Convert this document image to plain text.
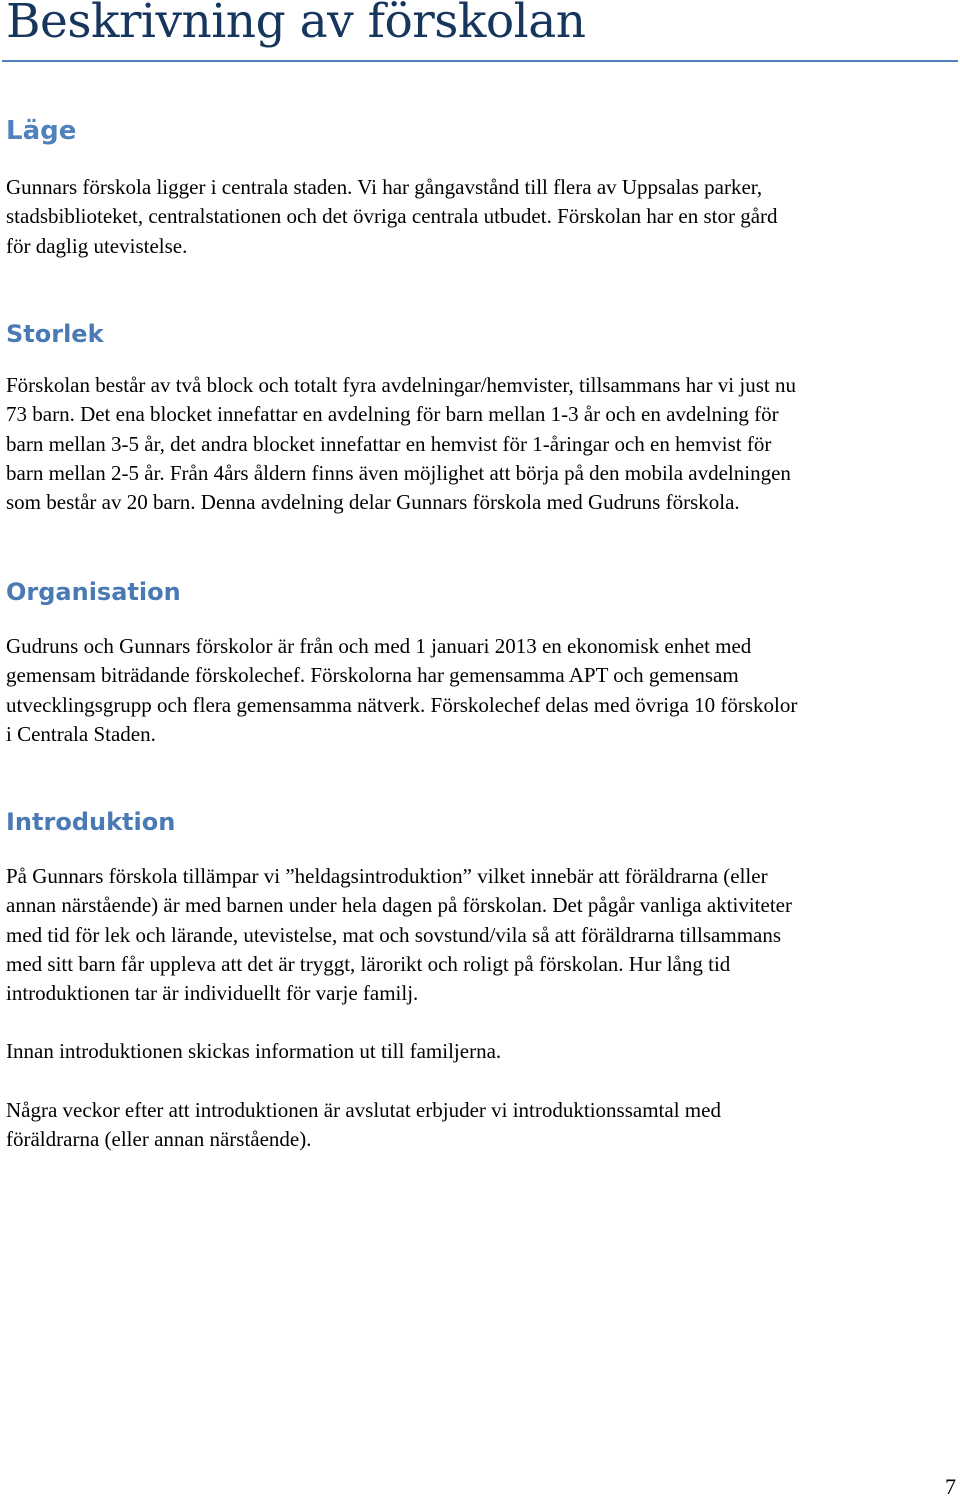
Beskrivning av förskolan
Läge

Gunnars förskola ligger i centrala staden. Vi har gångavstånd till flera av Uppsalas parker,
stadsbiblioteket, centralstationen och det övriga centrala utbudet. Förskolan har en stor gård
för daglig utevistelse.

Storlek

Förskolan består av två block och totalt fyra avdelningar/hemvister, tillsammans har vi just nu
73 barn. Det ena blocket innefattar en avdelning för barn mellan 1-3 år och en avdelning för
barn mellan 3-5 år, det andra blocket innefattar en hemvist för 1-åringar och en hemvist för
barn mellan 2-5 år. Från 4års åldern finns även möjlighet att börja på den mobila avdelningen
som består av 20 barn. Denna avdelning delar Gunnars förskola med Gudruns förskola.

Organisation

Gudruns och Gunnars förskolor är från och med 1 januari 2013 en ekonomisk enhet med
gemensam biträdande förskolechef. Förskolorna har gemensamma APT och gemensam
utvecklingsgrupp och flera gemensamma nätverk. Förskolechef delas med övriga 10 förskolor
i Centrala Staden.

Introduktion

På Gunnars förskola tillämpar vi ”heldagsintroduktion” vilket innebär att föräldrarna (eller
annan närstående) är med barnen under hela dagen på förskolan. Det pågår vanliga aktiviteter
med tid för lek och lärande, utevistelse, mat och sovstund/vila så att föräldrarna tillsammans
med sitt barn får uppleva att det är tryggt, lärorikt och roligt på förskolan. Hur lång tid
introduktionen tar är individuellt för varje familj.

Innan introduktionen skickas information ut till familjerna.

Några veckor efter att introduktionen är avslutat erbjuder vi introduktionssamtal med
föräldrarna (eller annan närstående).

7
